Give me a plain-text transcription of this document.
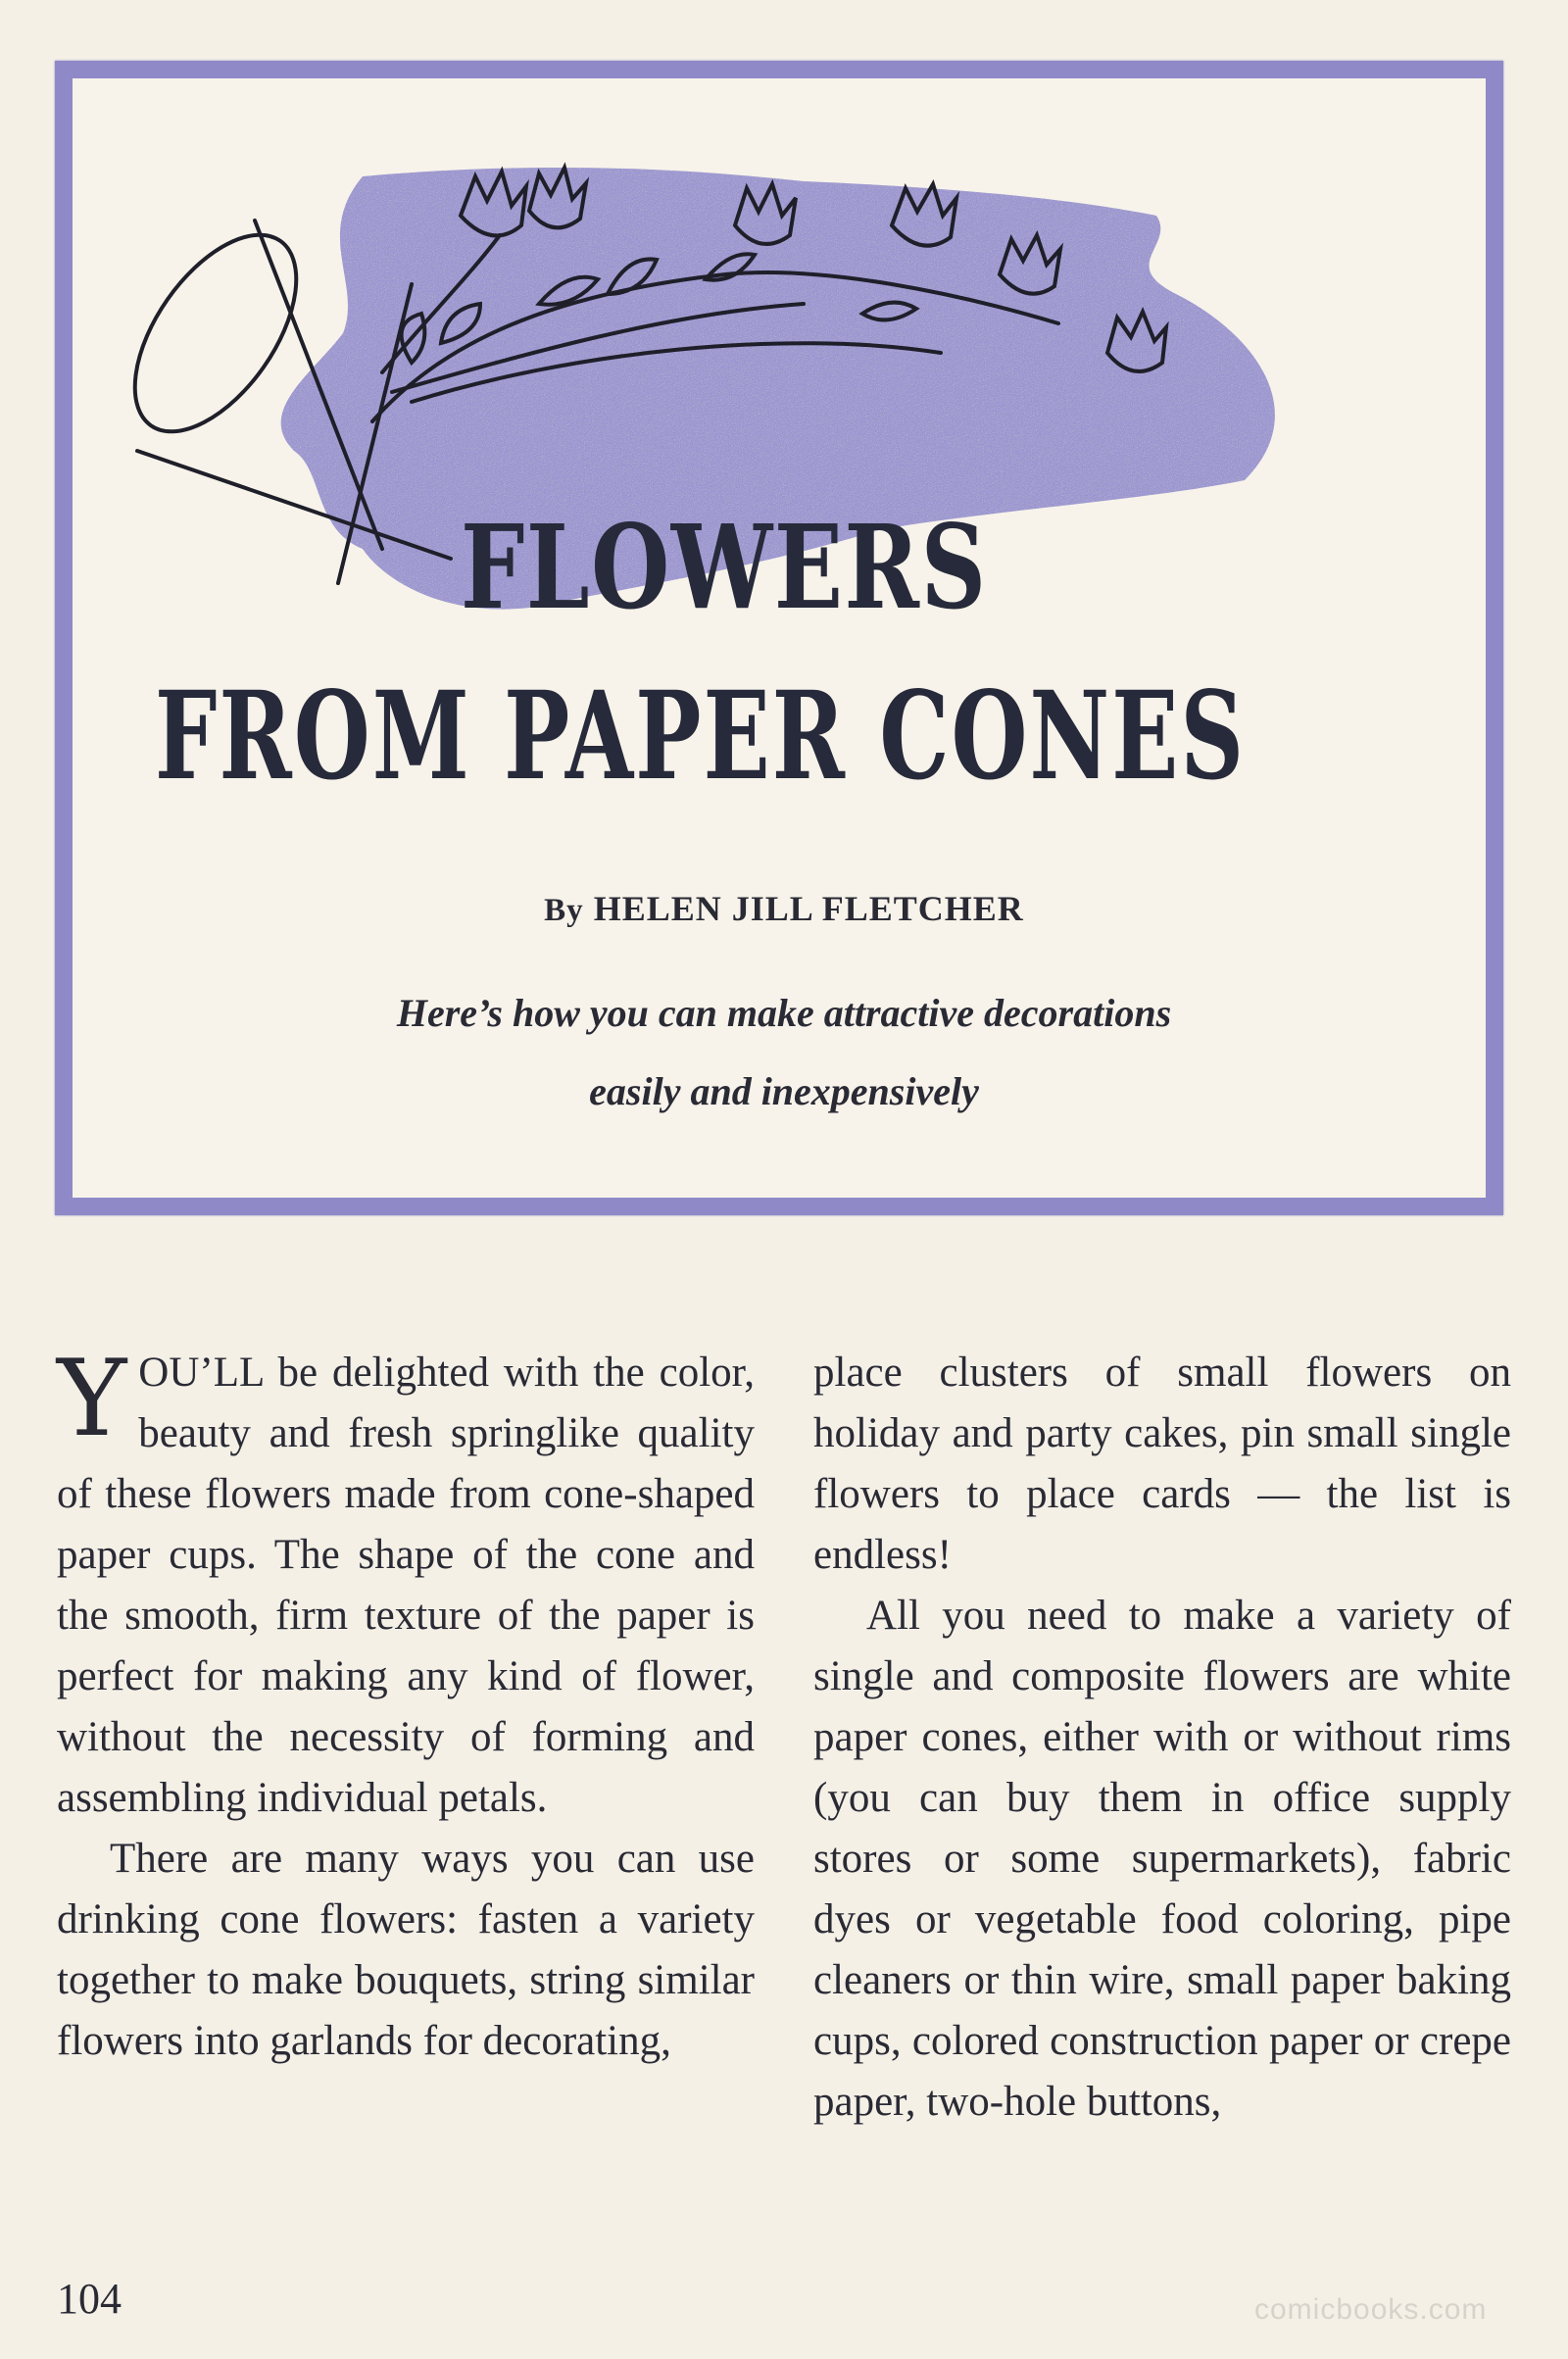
FLOWERS
FROM PAPER CONES
By HELEN JILL FLETCHER
Here’s how you can make attractive decorations
easily and inexpensively

YOU’LL be delighted with the color, beauty and fresh springlike quality of these flowers made from cone-shaped paper cups. The shape of the cone and the smooth, firm texture of the paper is perfect for making any kind of flower, without the necessity of forming and assembling individual petals.

There are many ways you can use drinking cone flowers: fasten a variety together to make bouquets, string similar flowers into garlands for decorating,

place clusters of small flowers on holiday and party cakes, pin small single flowers to place cards — the list is endless!

All you need to make a variety of single and composite flowers are white paper cones, either with or without rims (you can buy them in office supply stores or some supermarkets), fabric dyes or vegetable food coloring, pipe cleaners or thin wire, small paper baking cups, colored construction paper or crepe paper, two-hole buttons,

104	comicbooks.com
